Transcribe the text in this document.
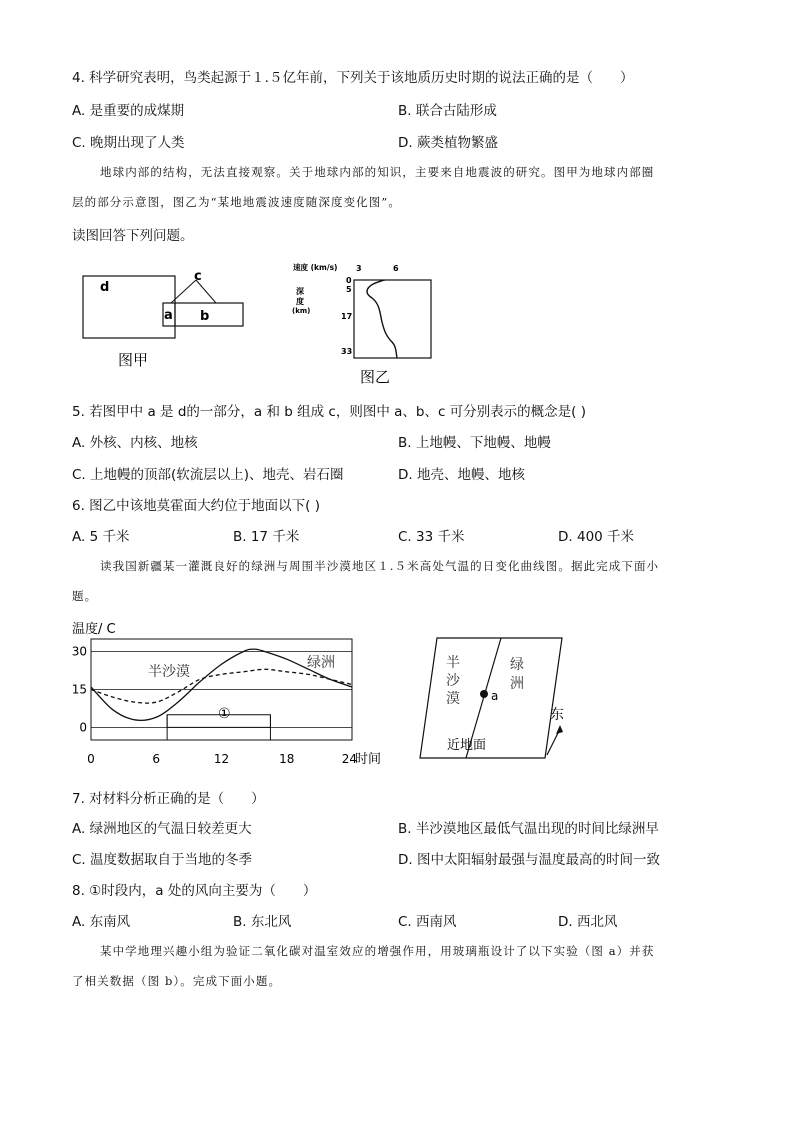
4. 科学研究表明，鸟类起源于１.５亿年前，下列关于该地质历史时期的说法正确的是（　　）
A. 是重要的成煤期	B. 联合古陆形成
C. 晚期出现了人类	D. 蕨类植物繁盛
地球内部的结构，无法直接观察。关于地球内部的知识，主要来自地震波的研究。图甲为地球内部圈
层的部分示意图，图乙为“某地地震波速度随深度变化图”。
读图回答下列问题。
d
c
a b
图甲
速度 (km/s) 3	6
深
度
(km)
0
5
17
33
图乙
5. 若图甲中 a 是 d的一部分，a 和 b 组成 c，则图中 a、b、c 可分别表示的概念是( )
A. 外核、内核、地核	B. 上地幔、下地幔、地幔
C. 上地幔的顶部(软流层以上)、地壳、岩石圈	D. 地壳、地幔、地核
6. 图乙中该地莫霍面大约位于地面以下( )
A. 5 千米	B. 17 千米	C. 33 千米	D. 400 千米
读我国新疆某一灌溉良好的绿洲与周围半沙漠地区１.５米高处气温的日变化曲线图。据此完成下面小
题。
温度/ C
30
15
0
0	6	12	18	24
时间
①
半沙漠
绿洲	半
沙
漠
绿
洲
a
近地面
东
7. 对材料分析正确的是（　　）
A. 绿洲地区的气温日较差更大	B. 半沙漠地区最低气温出现的时间比绿洲早
C. 温度数据取自于当地的冬季	D. 图中太阳辐射最强与温度最高的时间一致
8. ①时段内，a 处的风向主要为（　　）
A. 东南风	B. 东北风	C. 西南风	D. 西北风
某中学地理兴趣小组为验证二氧化碳对温室效应的增强作用，用玻璃瓶设计了以下实验（图 a）并获
了相关数据（图 b）。完成下面小题。
